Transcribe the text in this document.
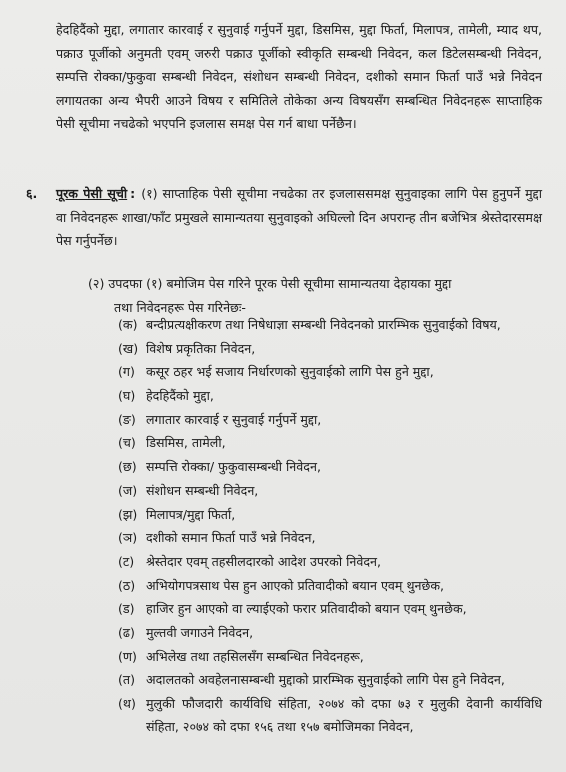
हेदहिदैंको मुद्दा, लगातार कारवाई र सुनुवाई गर्नुपर्ने मुद्दा, डिसमिस, मुद्दा फिर्ता, मिलापत्र, तामेली, म्याद थप, पक्राउ पूर्जीको अनुमती एवम् जरुरी पक्राउ पूर्जीको स्वीकृति सम्बन्धी निवेदन, कल डिटेलसम्बन्धी निवेदन, सम्पत्ति रोक्का/फुकुवा सम्बन्धी निवेदन, संशोधन सम्बन्धी निवेदन, दशीको समान फिर्ता पाउँ भन्ने निवेदन लगायतका अन्य भैपरी आउने विषय र समितिले तोकेका अन्य विषयसँग सम्बन्धित निवेदनहरू साप्ताहिक पेसी सूचीमा नचढेको भएपनि इजलास समक्ष पेस गर्न बाधा पर्नेछैन।

६.	पूरक पेसी सूची : (१) साप्ताहिक पेसी सूचीमा नचढेका तर इजलाससमक्ष सुनुवाइका लागि पेस हुनुपर्ने मुद्दा वा निवेदनहरू शाखा/फाँट प्रमुखले सामान्यतया सुनुवाइको अघिल्लो दिन अपरान्ह तीन बजेभित्र श्रेस्तेदारसमक्ष पेस गर्नुपर्नेछ।
(२) उपदफा (१) बमोजिम पेस गरिने पूरक पेसी सूचीमा सामान्यतया देहायका मुद्दा
तथा निवेदनहरू पेस गरिनेछः-
(क) बन्दीप्रत्यक्षीकरण तथा निषेधाज्ञा सम्बन्धी निवेदनको प्रारम्भिक सुनुवाईको विषय,
(ख) विशेष प्रकृतिका निवेदन,
(ग) कसूर ठहर भई सजाय निर्धारणको सुनुवाईको लागि पेस हुने मुद्दा,
(घ) हेदहिदैंको मुद्दा,
(ङ) लगातार कारवाई र सुनुवाई गर्नुपर्ने मुद्दा,
(च) डिसमिस, तामेली,
(छ) सम्पत्ति रोक्का/ फुकुवासम्बन्धी निवेदन,
(ज) संशोधन सम्बन्धी निवेदन,
(झ) मिलापत्र/मुद्दा फिर्ता,
(ञ) दशीको समान फिर्ता पाउँ भन्ने निवेदन,
(ट) श्रेस्तेदार एवम् तहसीलदारको आदेश उपरको निवेदन,
(ठ) अभियोगपत्रसाथ पेस हुन आएको प्रतिवादीको बयान एवम् थुनछेक,
(ड) हाजिर हुन आएको वा ल्याईएको फरार प्रतिवादीको बयान एवम् थुनछेक,
(ढ) मुल्तवी जगाउने निवेदन,
(ण) अभिलेख तथा तहसिलसँग सम्बन्धित निवेदनहरू,
(त) अदालतको अवहेलनासम्बन्धी मुद्दाको प्रारम्भिक सुनुवाईको लागि पेस हुने निवेदन,
(थ) मुलुकी फौजदारी कार्यविधि संहिता, २०७४ को दफा ७३ र मुलुकी देवानी कार्यविधि संहिता, २०७४ को दफा १५६ तथा १५७ बमोजिमका निवेदन,
